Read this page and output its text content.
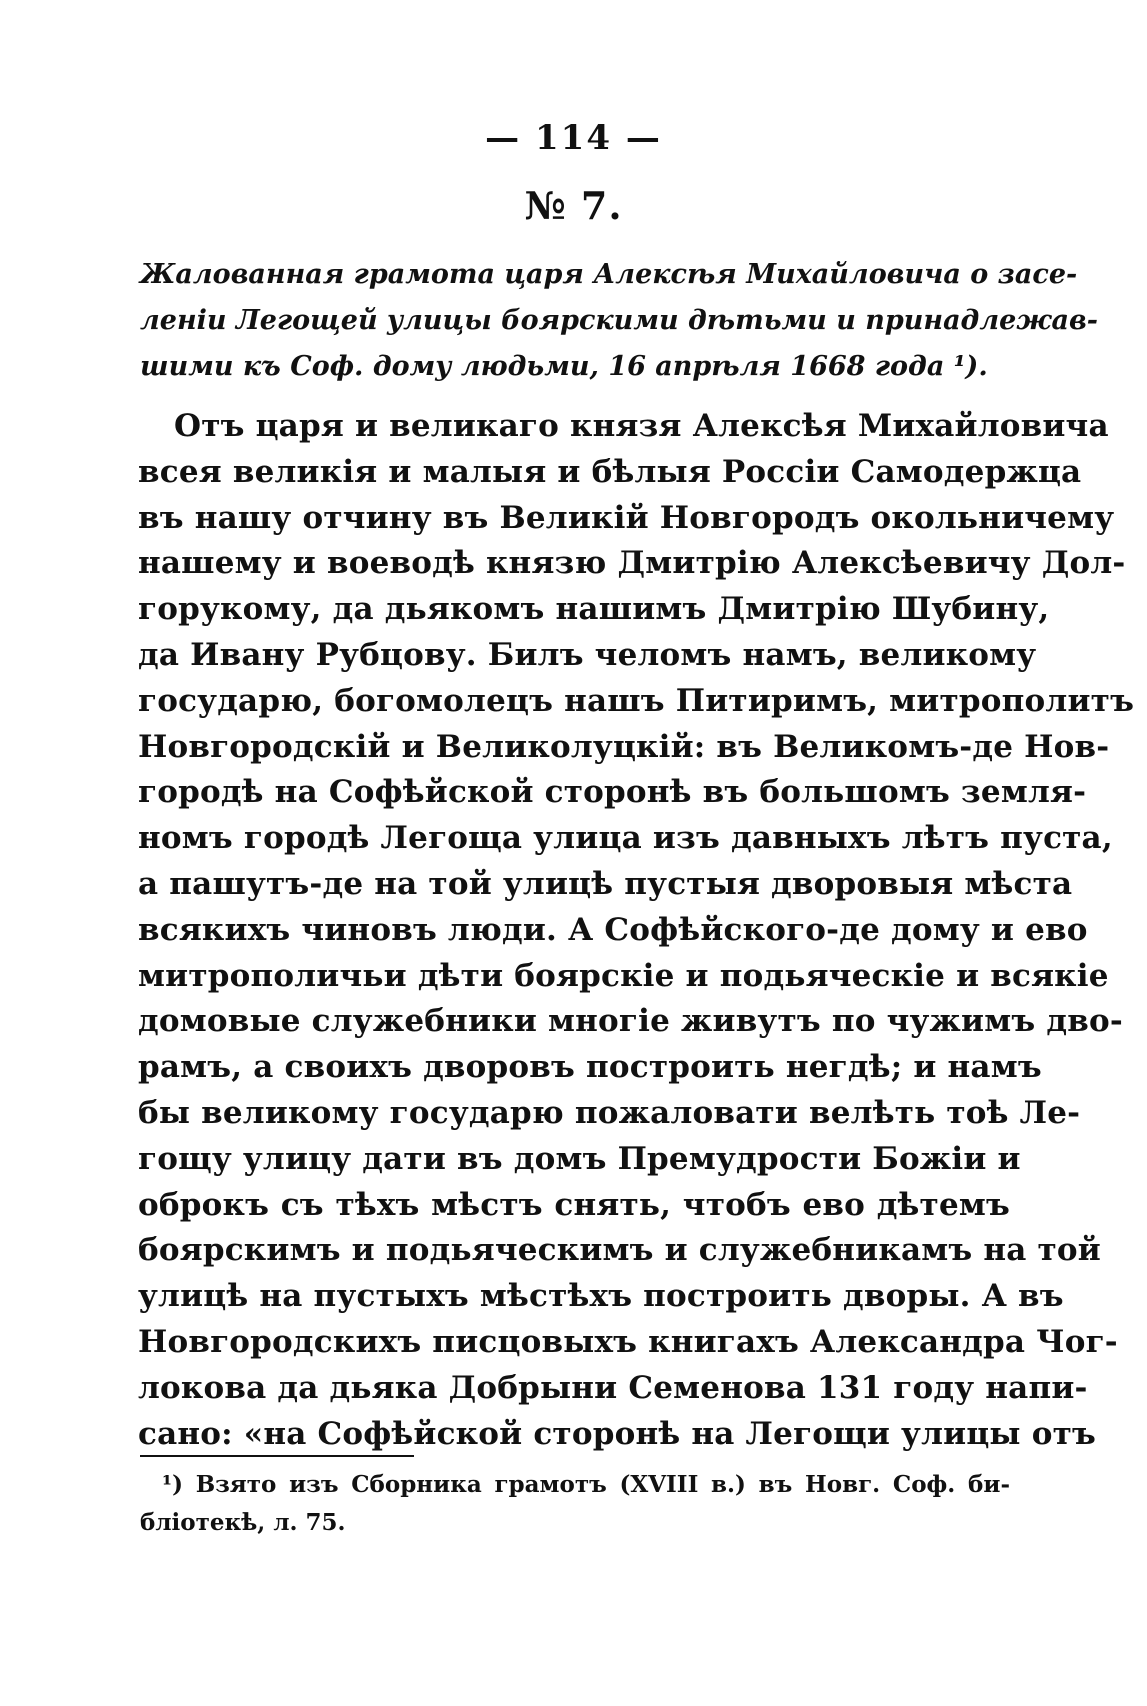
— 114 —
№ 7.
Жалованная грамота царя Алексѣя Михайловича о засе-
леніи Легощей улицы боярскими дѣтьми и принадлежав-
шими къ Соф. дому людьми, 16 апрѣля 1668 года ¹).
Отъ царя и великаго князя Алексѣя Михайловича
всея великія и малыя и бѣлыя Россіи Самодержца
въ нашу отчину въ Великій Новгородъ окольничему
нашему и воеводѣ князю Дмитрію Алексѣевичу Дол-
горукому, да дьякомъ нашимъ Дмитрію Шубину,
да Ивану Рубцову. Билъ челомъ намъ, великому
государю, богомолецъ нашъ Питиримъ, митрополитъ
Новгородскій и Великолуцкій: въ Великомъ-де Нов-
городѣ на Софѣйской сторонѣ въ большомъ земля-
номъ городѣ Легоща улица изъ давныхъ лѣтъ пуста,
а пашутъ-де на той улицѣ пустыя дворовыя мѣста
всякихъ чиновъ люди. А Софѣйского-де дому и ево
митрополичьи дѣти боярскіе и подьяческіе и всякіе
домовые служебники многіе живутъ по чужимъ дво-
рамъ, а своихъ дворовъ построить негдѣ; и намъ
бы великому государю пожаловати велѣть тоѣ Ле-
гощу улицу дати въ домъ Премудрости Божіи и
оброкъ съ тѣхъ мѣстъ снять, чтобъ ево дѣтемъ
боярскимъ и подьяческимъ и служебникамъ на той
улицѣ на пустыхъ мѣстѣхъ построить дворы. А въ
Новгородскихъ писцовыхъ книгахъ Александра Чог-
локова да дьяка Добрыни Семенова 131 году напи-
сано: «на Софѣйской сторонѣ на Легощи улицы отъ
¹) Взято изъ Сборника грамотъ (XVIII в.) въ Новг. Соф. би-
бліотекѣ, л. 75.
